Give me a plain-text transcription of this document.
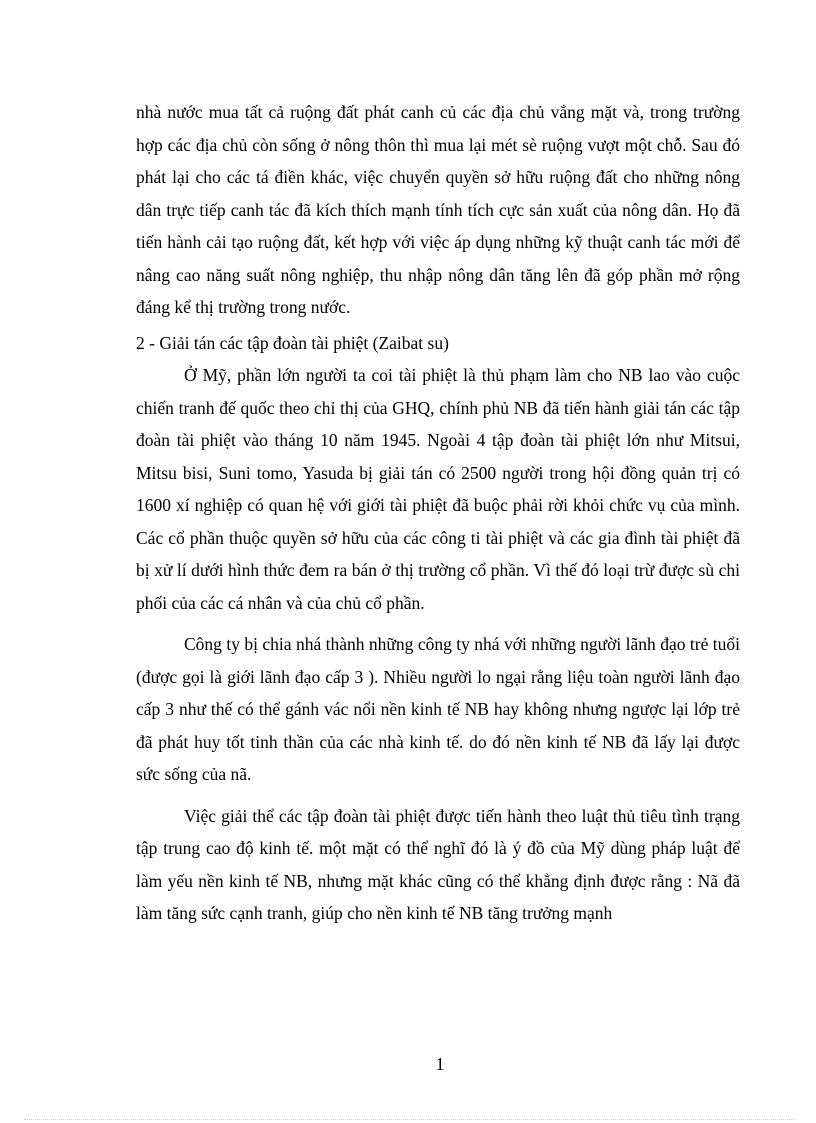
nhà nước mua tất cả ruộng đất phát canh củ các địa chủ vắng mặt và, trong trường hợp các địa chủ còn sống ở nông thôn thì mua lại mét sè ruộng vượt một chỗ. Sau đó phát lại cho các tá điền khác, việc chuyển quyền sở hữu ruộng đất cho những nông dân trực tiếp canh tác đã kích thích mạnh tính tích cực sản xuất của nông dân. Họ đã tiến hành cải tạo ruộng đất, kết hợp với việc áp dụng những kỹ thuật canh tác mới để nâng cao năng suất nông nghiệp, thu nhập nông dân tăng lên đã góp phần mở rộng đáng kể thị trường trong nước.

2 - Giải tán các tập đoàn tài phiệt (Zaibat su)

Ở Mỹ, phần lớn người ta coi tài phiệt là thủ phạm làm cho NB lao vào cuộc chiến tranh đế quốc theo chỉ thị của GHQ, chính phủ NB đã tiến hành giải tán các tập đoàn tài phiệt vào tháng 10 năm 1945. Ngoài 4 tập đoàn tài phiệt lớn như Mitsui, Mitsu bisi, Suni tomo, Yasuda bị giải tán có 2500 người trong hội đồng quản trị có 1600 xí nghiệp có quan hệ với giới tài phiệt đã buộc phải rời khỏi chức vụ của mình. Các cổ phần thuộc quyền sở hữu của các công ti tài phiệt và các gia đình tài phiệt đã bị xử lí dưới hình thức đem ra bán ở thị trường cổ phần. Vì thế đó loại trừ được sù chi phối của các cá nhân và của chủ cổ phần.

Công ty bị chia nhá thành những công ty nhá với những người lãnh đạo trẻ tuổi (được gọi là giới lãnh đạo cấp 3 ). Nhiều người lo ngại rằng liệu toàn người lãnh đạo cấp 3 như thế có thể gánh vác nổi nền kinh tế NB hay không nhưng ngược lại lớp trẻ đã phát huy tốt tinh thần của các nhà kinh tế. do đó nền kinh tế NB đã lấy lại được sức sống của nã.

Việc giải thể các tập đoàn tài phiệt được tiến hành theo luật thủ tiêu tình trạng tập trung cao độ kinh tế. một mặt có thể nghĩ đó là ý đồ của Mỹ dùng pháp luật để làm yếu nền kinh tế NB, nhưng mặt khác cũng có thể khẳng định được rằng : Nã đã làm tăng sức cạnh tranh, giúp cho nền kinh tế NB tăng trưởng mạnh

1
